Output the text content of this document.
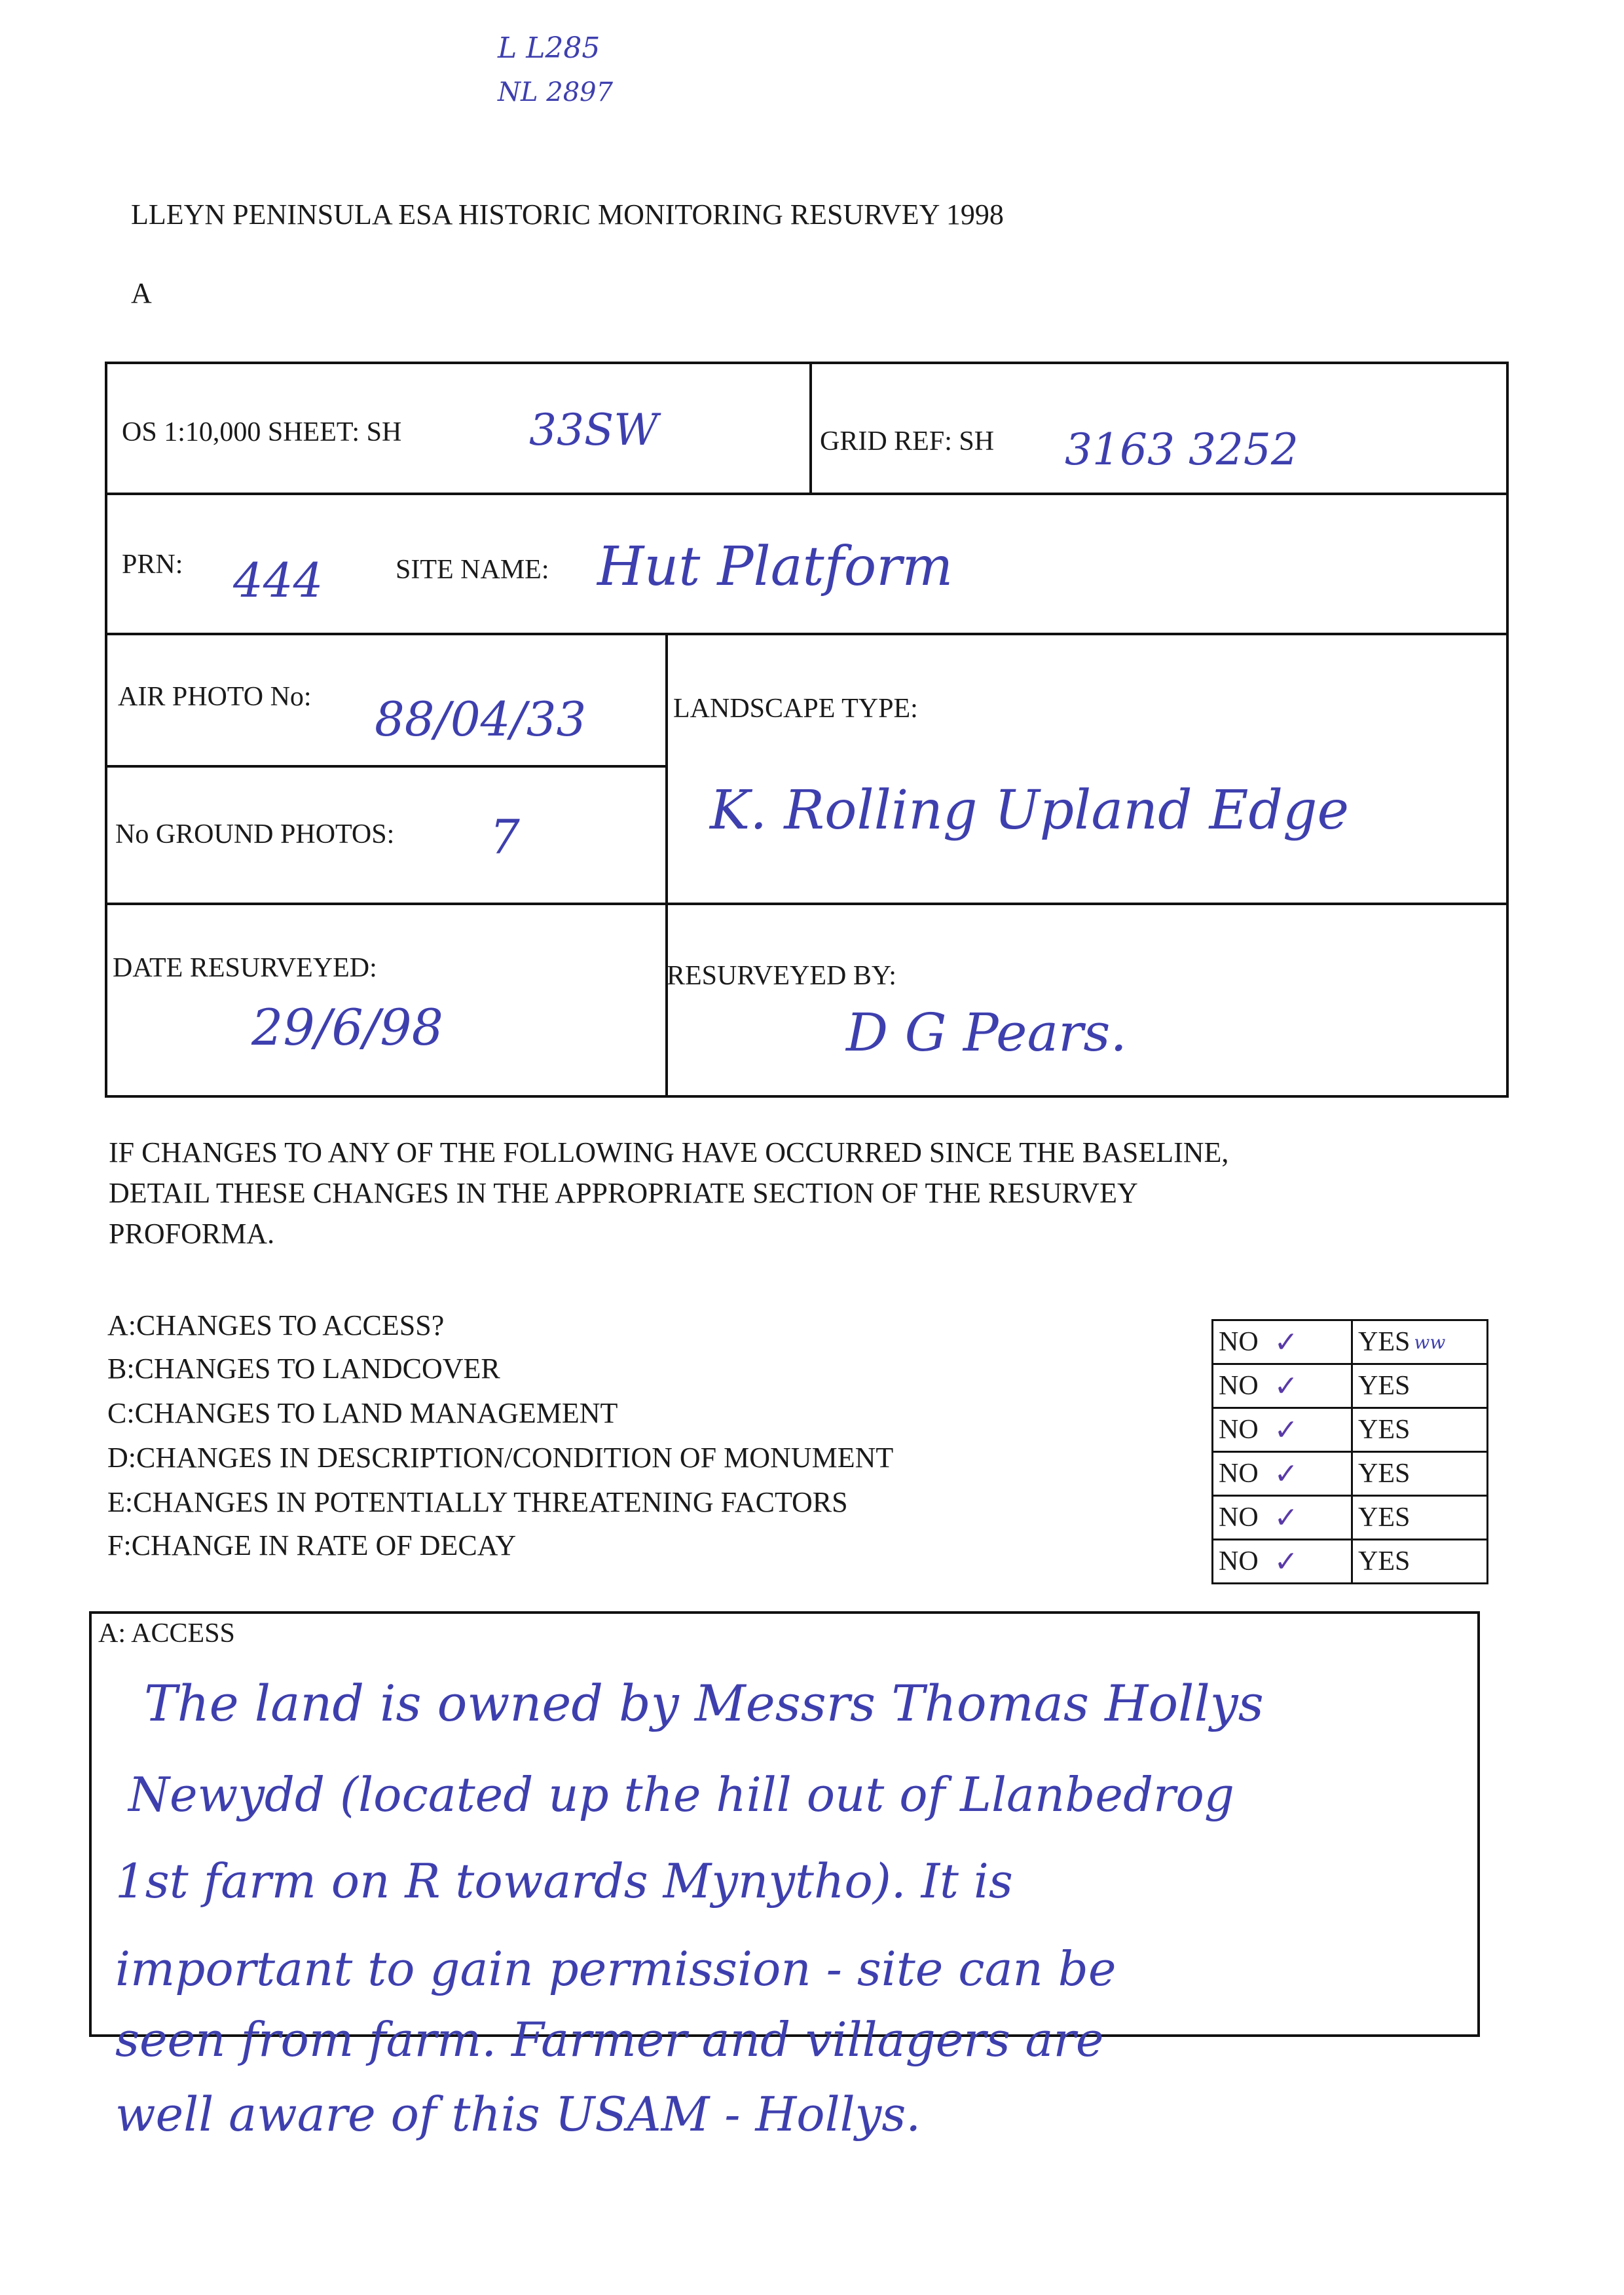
L L285
NL 2897
LLEYN PENINSULA ESA HISTORIC MONITORING RESURVEY 1998
A
OS 1:10,000 SHEET: SH	33SW	GRID REF: SH 3163 3252
PRN: 444	SITE NAME: Hut Platform
AIR PHOTO No: 88/04/33	LANDSCAPE TYPE:
K. Rolling Upland Edge
No GROUND PHOTOS: 7
DATE RESURVEYED:
29/6/98
RESURVEYED BY:
D G Pears.
IF CHANGES TO ANY OF THE FOLLOWING HAVE OCCURRED SINCE THE BASELINE,
DETAIL THESE CHANGES IN THE APPROPRIATE SECTION OF THE RESURVEY
PROFORMA.
A:CHANGES TO ACCESS?
B:CHANGES TO LANDCOVER
C:CHANGES TO LAND MANAGEMENT
D:CHANGES IN DESCRIPTION/CONDITION OF MONUMENT
E:CHANGES IN POTENTIALLY THREATENING FACTORS
F:CHANGE IN RATE OF DECAY
NO ✓ YES ww
NO ✓ YES
NO ✓ YES
NO ✓ YES
NO ✓ YES
NO ✓ YES
A: ACCESS
The land is owned by Messrs Thomas Hollys
Newydd (located up the hill out of Llanbedrog
1st farm on R towards Mynytho). It is
important to gain permission - site can be
seen from farm. Farmer and villagers are
well aware of this USAM - Hollys.
